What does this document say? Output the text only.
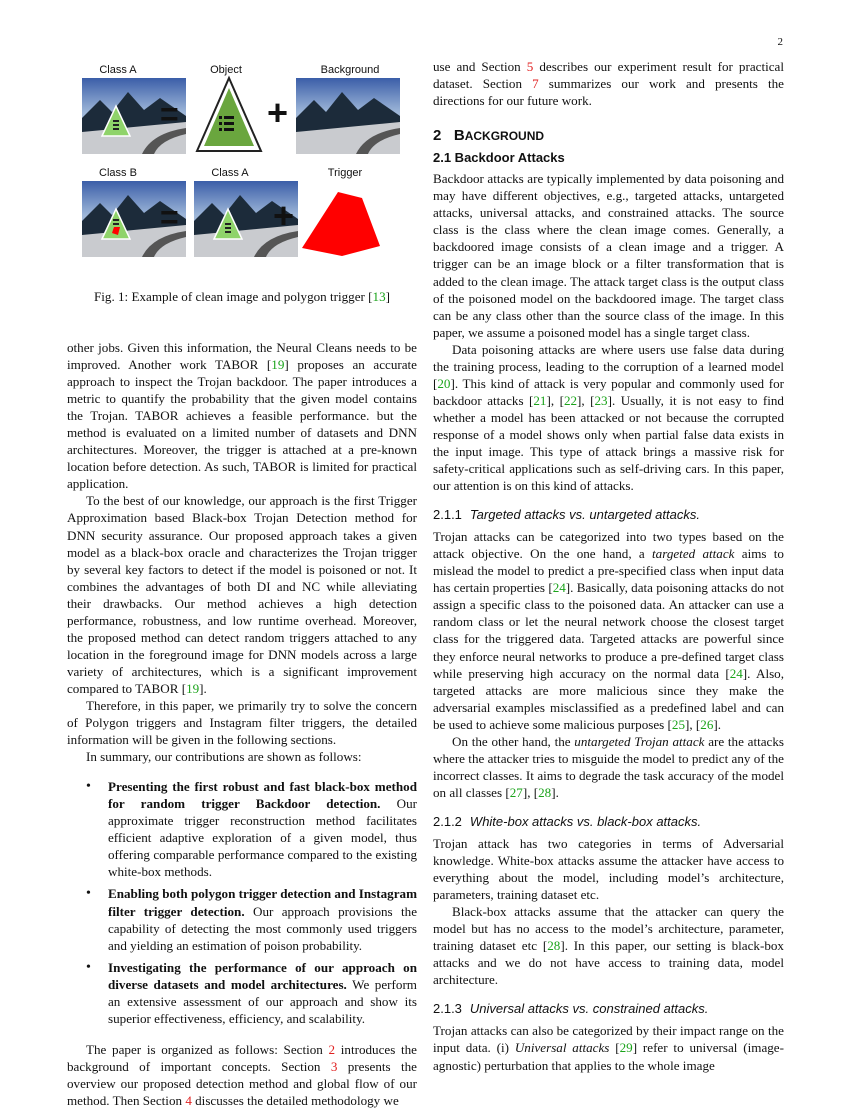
2
Class A	Object	Background
= +
Class B	Class A	Trigger
=	+
Fig. 1: Example of clean image and polygon trigger [13]

other jobs. Given this information, the Neural Cleans needs to be improved. Another work TABOR [19] proposes an accurate approach to inspect the Trojan backdoor. The paper introduces a metric to quantify the probability that the given model contains the Trojan. TABOR achieves a feasible performance. but the method is evaluated on a limited number of datasets and DNN architectures. Moreover, the trigger is attached at a pre-known location before detection. As such, TABOR is limited for practical application.

To the best of our knowledge, our approach is the first Trigger Approximation based Black-box Trojan Detection method for DNN security assurance. Our proposed approach takes a given model as a black-box oracle and characterizes the Trojan trigger by several key factors to detect if the model is poisoned or not. It combines the advantages of both DI and NC while alleviating their drawbacks. Our method achieves a high detection performance, robustness, and low runtime overhead. Moreover, the proposed method can detect random triggers attached to any location in the foreground image for DNN models across a large variety of architectures, which is a significant improvement compared to TABOR [19].

Therefore, in this paper, we primarily try to solve the concern of Polygon triggers and Instagram filter triggers, the detailed information will be given in the following sections.

In summary, our contributions are shown as follows:

• Presenting the first robust and fast black-box method for random trigger Backdoor detection. Our approximate trigger reconstruction method facilitates efficient adaptive exploration of a given model, thus offering comparable performance compared to the existing white-box methods.
• Enabling both polygon trigger detection and Instagram filter trigger detection. Our approach provisions the capability of detecting the most commonly used triggers and yielding an estimation of poison probability.
• Investigating the performance of our approach on diverse datasets and model architectures. We perform an extensive assessment of our approach and show its superior effectiveness, efficiency, and scalability.

The paper is organized as follows: Section 2 introduces the background of important concepts. Section 3 presents the overview our proposed detection method and global flow of our method. Then Section 4 discusses the detailed methodology we

use and Section 5 describes our experiment result for practical dataset. Section 7 summarizes our work and presents the directions for our future work.

2 BACKGROUND
2.1 Backdoor Attacks

Backdoor attacks are typically implemented by data poisoning and may have different objectives, e.g., targeted attacks, untargeted attacks, universal attacks, and constrained attacks. The source class is the class where the clean image comes. Generally, a backdoored image consists of a clean image and a trigger. A trigger can be an image block or a filter transformation that is added to the clean image. The attack target class is the output class of the poisoned model on the backdoored image. The target class can be any class other than the source class of the image. In this paper, we assume a poisoned model has a single target class.

Data poisoning attacks are where users use false data during the training process, leading to the corruption of a learned model [20]. This kind of attack is very popular and commonly used for backdoor attacks [21], [22], [23]. Usually, it is not easy to find whether a model has been attacked or not because the corrupted response of a model shows only when partial false data exists in the input image. This type of attack brings a massive risk for safety-critical applications such as self-driving cars. In this paper, our attention is on this kind of attacks.

2.1.1 Targeted attacks vs. untargeted attacks.

Trojan attacks can be categorized into two types based on the attack objective. On the one hand, a targeted attack aims to mislead the model to predict a pre-specified class when input data has certain properties [24]. Basically, data poisoning attacks do not assign a specific class to the poisoned data. An attacker can use a random class or let the neural network choose the closest target class for the triggered data. Targeted attacks are powerful since they enforce neural networks to produce a pre-defined target class while preserving high accuracy on the normal data [24]. Also, targeted attacks are more malicious since they make the adversarial examples misclassified as a predefined label and can be used to achieve some malicious purposes [25], [26].

On the other hand, the untargeted Trojan attack are the attacks where the attacker tries to misguide the model to predict any of the incorrect classes. It aims to degrade the task accuracy of the model on all classes [27], [28].

2.1.2 White-box attacks vs. black-box attacks.

Trojan attack has two categories in terms of Adversarial knowledge. White-box attacks assume the attacker have access to everything about the model, including model’s architecture, parameters, training dataset etc.

Black-box attacks assume that the attacker can query the model but has no access to the model’s architecture, parameter, training dataset etc [28]. In this paper, our setting is black-box attacks and we do not have access to training data, model architecture.

2.1.3 Universal attacks vs. constrained attacks.

Trojan attacks can also be categorized by their impact range on the input data. (i) Universal attacks [29] refer to universal (image-agnostic) perturbation that applies to the whole image
